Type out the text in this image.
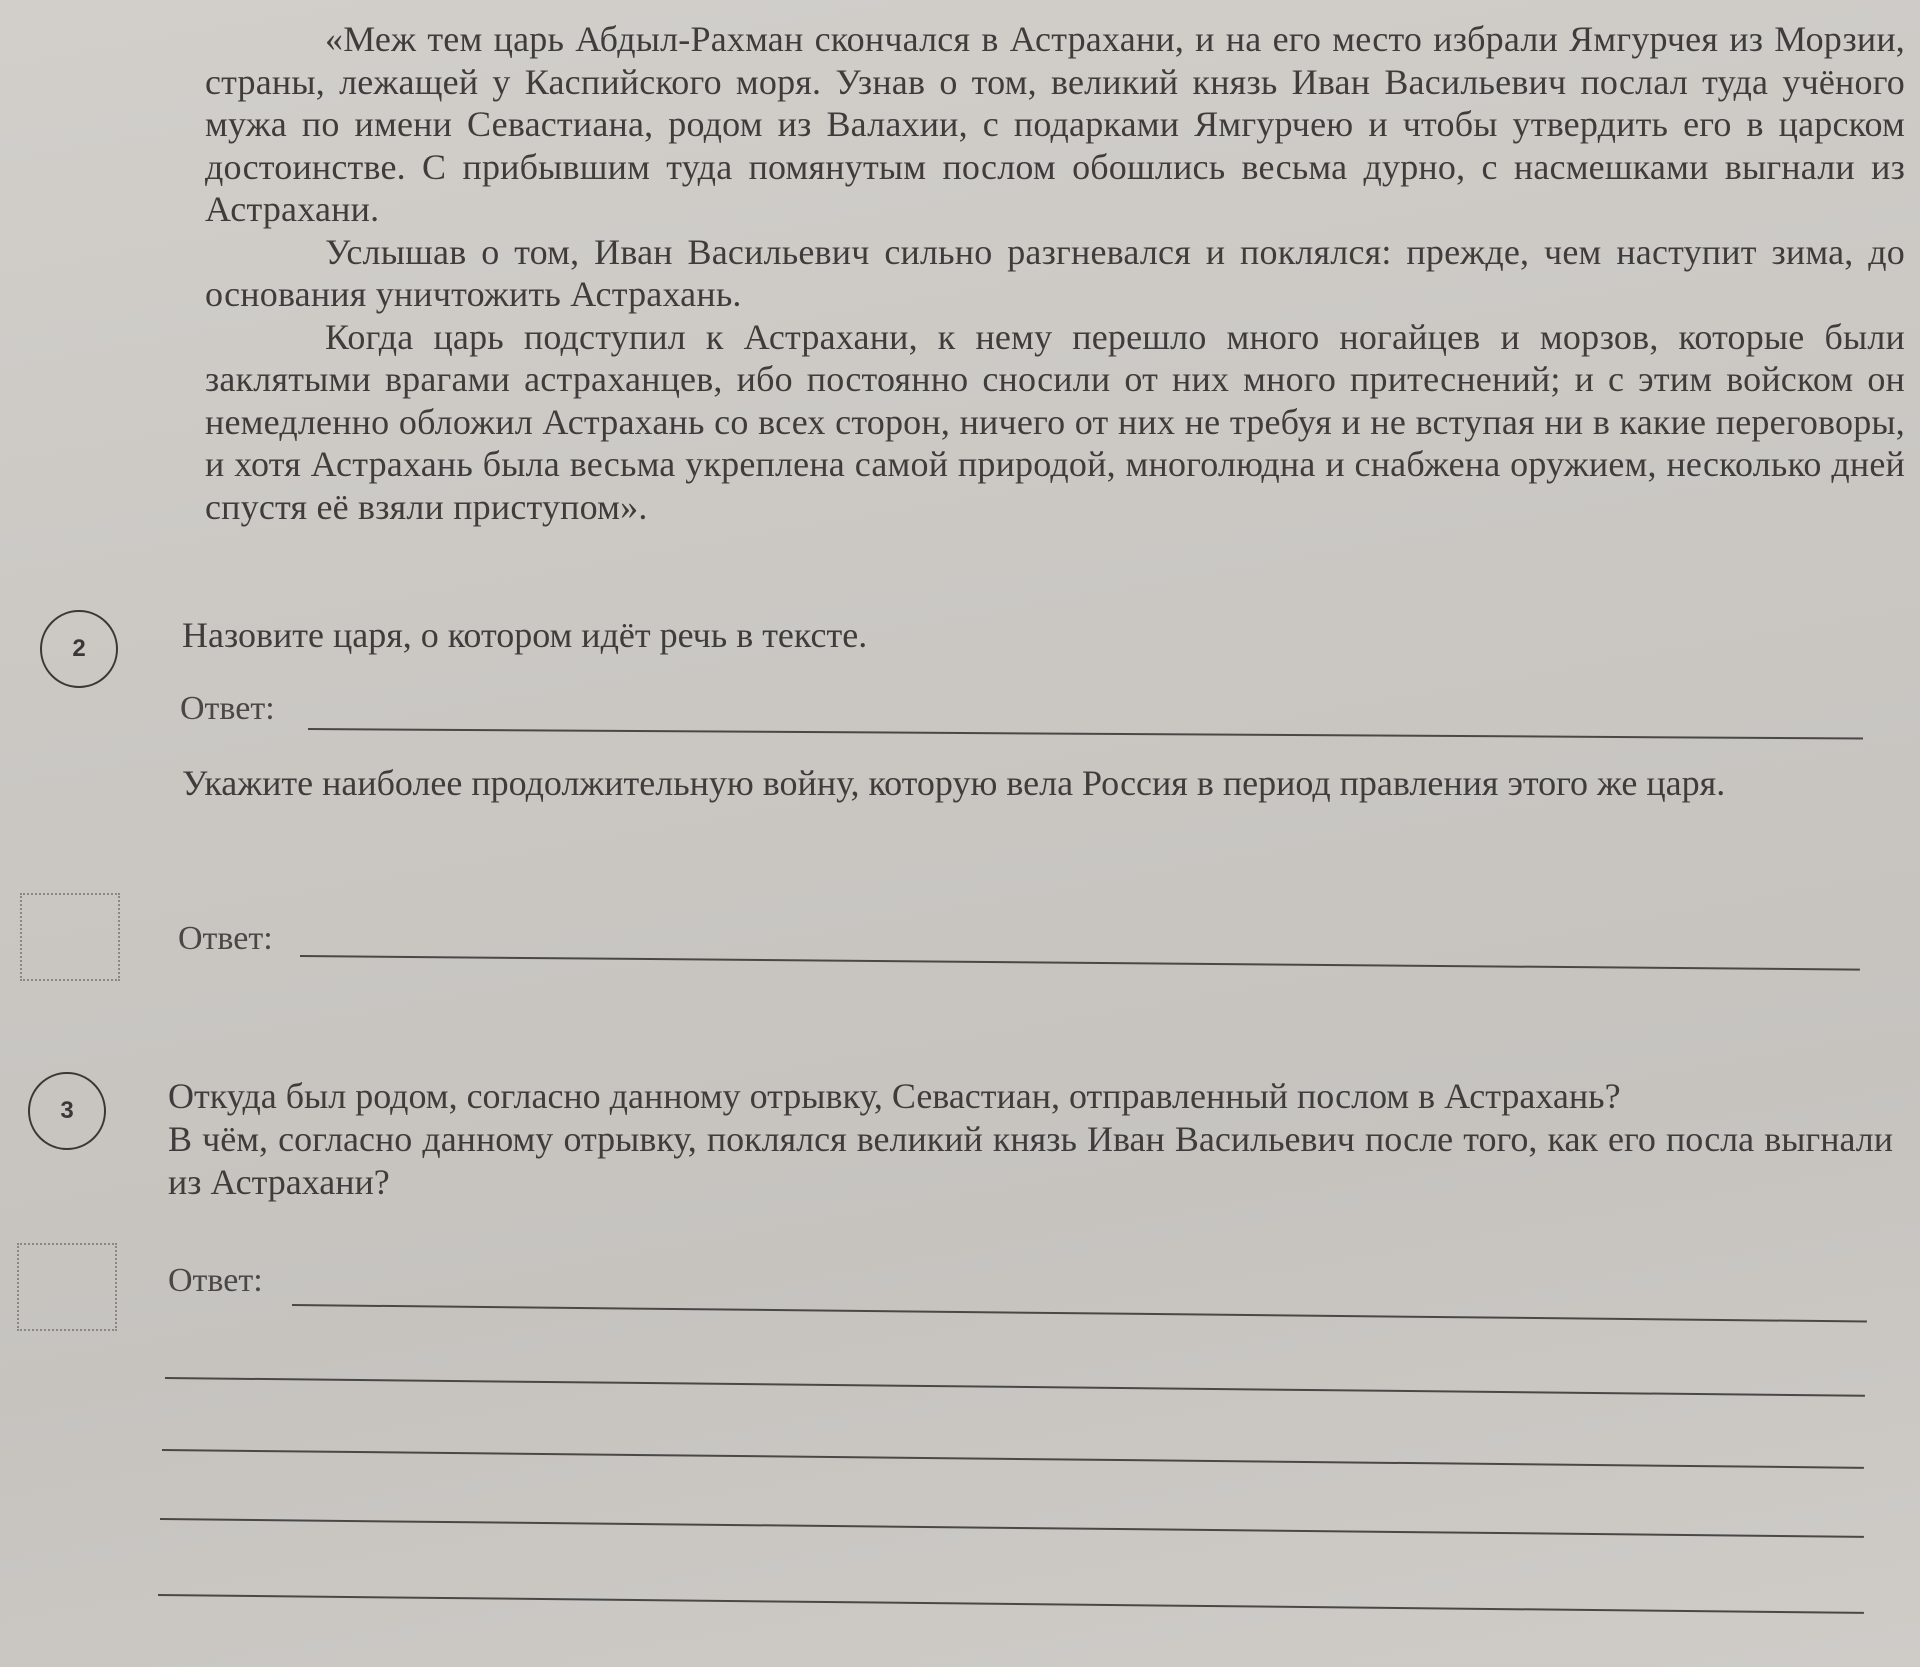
«Меж тем царь Абдыл-Рахман скончался в Астрахани, и на его место избрали Ямгурчея из Морзии, страны, лежащей у Каспийского моря. Узнав о том, великий князь Иван Васильевич послал туда учёного мужа по имени Севастиана, родом из Валахии, с подарками Ямгурчею и чтобы утвердить его в царском достоинстве. С прибывшим туда помянутым послом обошлись весьма дурно, с насмешками выгнали из Астрахани.

Услышав о том, Иван Васильевич сильно разгневался и поклялся: прежде, чем наступит зима, до основания уничтожить Астрахань.

Когда царь подступил к Астрахани, к нему перешло много ногайцев и морзов, которые были заклятыми врагами астраханцев, ибо постоянно сносили от них много притеснений; и с этим войском он немедленно обложил Астрахань со всех сторон, ничего от них не требуя и не вступая ни в какие переговоры, и хотя Астрахань была весьма укреплена самой природой, многолюдна и снабжена оружием, несколько дней спустя её взяли приступом».

2	Назовите царя, о котором идёт речь в тексте.

Ответ:

Укажите наиболее продолжительную войну, которую вела Россия в период правления этого же царя.

Ответ:
3	Откуда был родом, согласно данному отрывку, Севастиан, отправленный послом в Астрахань?

В чём, согласно данному отрывку, поклялся великий князь Иван Васильевич после того, как его посла выгнали из Астрахани?

Ответ:
